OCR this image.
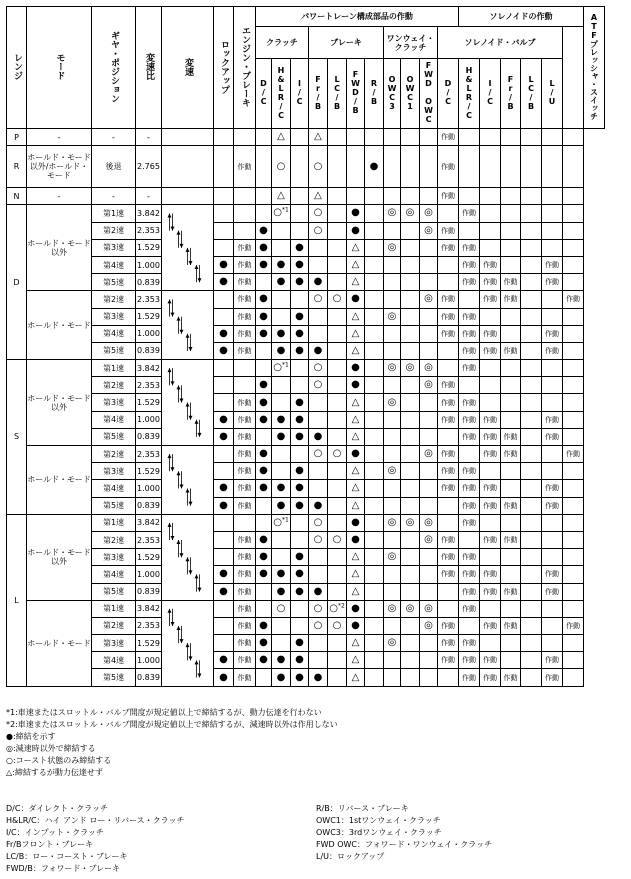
レンジ	モード	ギヤ・ポジション	変速比	変速	ロックアップ	エンジン・ブレーキ	パワートレーン構成部品の作動											ソレノイドの作動						ATFプレッシャ・スイッチ
							クラッチ			ブレーキ				ワンウェイ・クラッチ			ソレノイド・バルブ							
							D/C	H&LR/C	I/C	Fr/B	LC/B	FWD/B	R/B	OWC3	OWC1	FWD OWC	D/C	H&LR/C	I/C	Fr/B	LC/B	L/U		
P	-	-	-					△		△							作動							
R	ホールド・モード以外/ホールド・モード	後退	2.765			作動		○		○			●				作動							
N	-	-	-					△		△							作動							
D	ホールド・モード以外	第1速	3.842					○$^{*1}$		○		●		◎	◎	◎		作動						
		第2速	2.353				●			○		●				◎	作動							
		第3速	1.529			作動	●		●			△		◎			作動	作動						
		第4速	1.000		●	作動	●	●	●			△						作動	作動			作動		
		第5速	0.839		●	作動		●	●	●		△						作動	作動	作動		作動		
	ホールド・モード	第2速	2.353			作動	●			○	○	●				◎	作動		作動	作動			作動	
		第3速	1.529			作動	●		●			△		◎			作動	作動						
		第4速	1.000		●	作動	●	●	●			△					作動	作動	作動			作動		
		第5速	0.839		●	作動		●	●	●		△						作動	作動	作動		作動		
S	ホールド・モード以外	第1速	3.842					○$^{*1}$		○		●		◎	◎	◎		作動						
		第2速	2.353				●			○		●				◎	作動							
		第3速	1.529			作動	●		●			△		◎			作動	作動						
		第4速	1.000		●	作動	●	●	●			△					作動	作動	作動			作動		
		第5速	0.839		●	作動		●	●	●		△						作動	作動	作動		作動		
	ホールド・モード	第2速	2.353			作動	●			○	○	●				◎	作動		作動	作動			作動	
		第3速	1.529			作動	●		●			△		◎			作動	作動						
		第4速	1.000		●	作動	●	●	●			△					作動	作動	作動			作動		
		第5速	0.839		●	作動		●	●	●		△						作動	作動	作動		作動		
L	ホールド・モード以外	第1速	3.842					○$^{*1}$		○		●		◎	◎	◎		作動						
		第2速	2.353			作動	●			○	○	●				◎	作動		作動	作動				
		第3速	1.529			作動	●		●			△		◎			作動	作動						
		第4速	1.000		●	作動	●	●	●			△					作動	作動	作動			作動		
		第5速	0.839		●	作動		●	●	●		△						作動	作動	作動		作動		
	ホールド・モード	第1速	3.842			作動		○		○	○$^{*2}$	●		◎	◎	◎		作動						
		第2速	2.353			作動	●			○	○	●				◎	作動		作動	作動			作動	
		第3速	1.529			作動	●		●			△		◎			作動	作動						
		第4速	1.000		●	作動	●	●	●			△					作動	作動	作動			作動		
		第5速	0.839		●	作動		●	●	●		△						作動	作動	作動		作動		
*1:車速またはスロットル・バルブ開度が規定値以上で締結するが、動力伝達を行わない
*2:車速またはスロットル・バルブ開度が規定値以上で締結するが、減速時以外は作用しない
●:締結を示す
◎:減速時以外で締結する
○:コースト状態のみ締結する
△:締結するが動力伝達せず
D/C：ダイレクト・クラッチ
H&LR/C：ハイ アンド ロー・リバース・クラッチ
I/C：インプット・クラッチ
Fr/Bフロント・ブレーキ
LC/B：ロー・コースト・ブレーキ
FWD/B：フォワード・ブレーキ
R/B：リバース・ブレーキ
OWC1：1stワンウェイ・クラッチ
OWC3：3rdワンウェイ・クラッチ
FWD OWC：フォワード・ワンウェイ・クラッチ
L/U：ロックアップ
